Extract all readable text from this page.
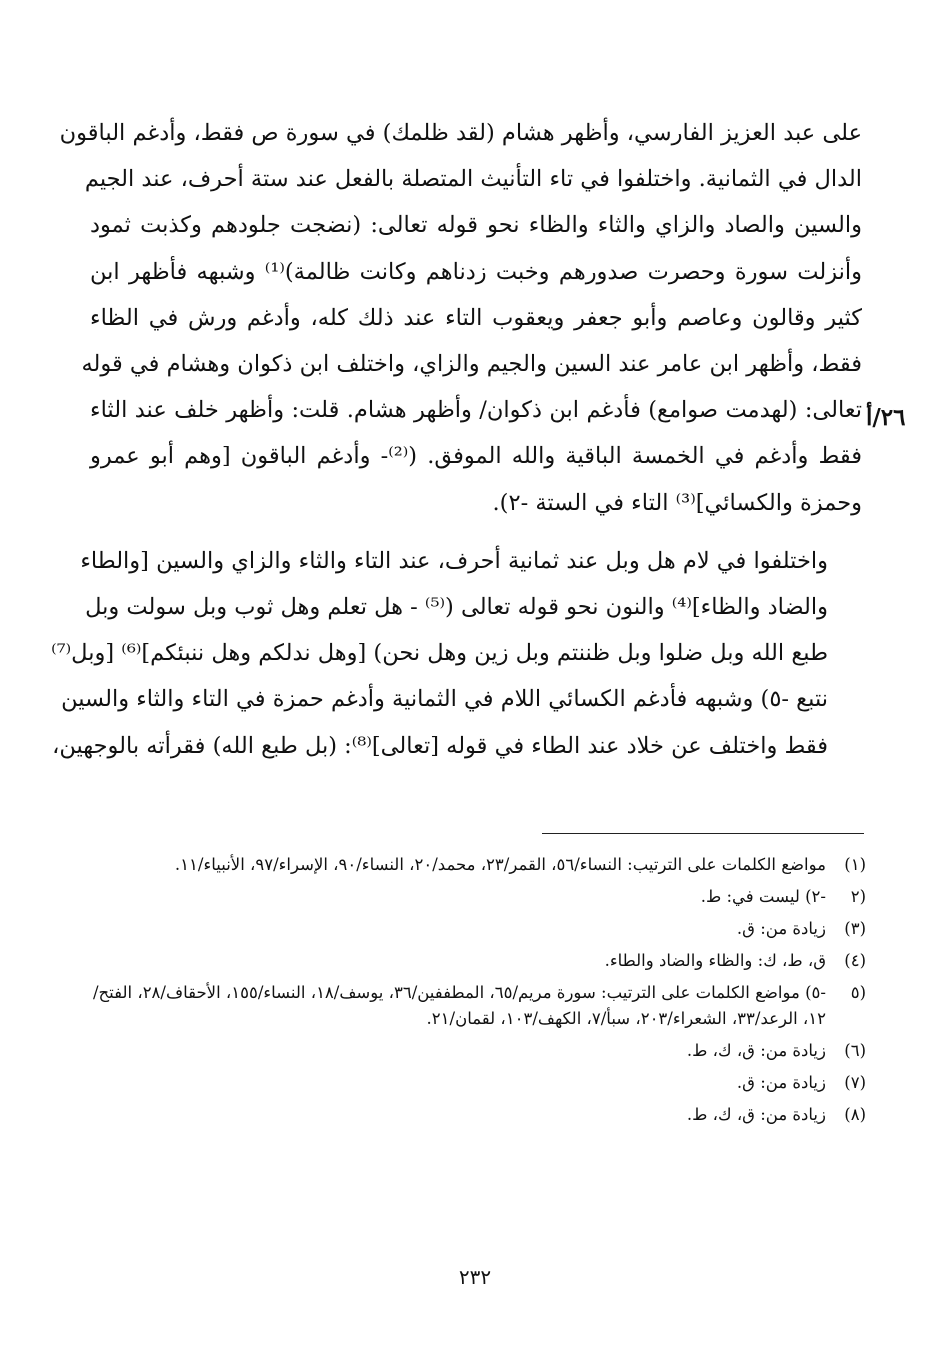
على عبد العزيز الفارسي، وأظهر هشام (لقد ظلمك) في سورة ص فقط، وأدغم الباقون
الدال في الثمانية. واختلفوا في تاء التأنيث المتصلة بالفعل عند ستة أحرف، عند الجيم
والسين والصاد والزاي والثاء والظاء نحو قوله تعالى: (نضجت جلودهم وكذبت ثمود
وأنزلت سورة وحصرت صدورهم وخبت زدناهم وكانت ظالمة)⁽¹⁾ وشبهه فأظهر ابن
كثير وقالون وعاصم وأبو جعفر ويعقوب التاء عند ذلك كله، وأدغم ورش في الظاء
فقط، وأظهر ابن عامر عند السين والجيم والزاي، واختلف ابن ذكوان وهشام في قوله
تعالى: (لهدمت صوامع) فأدغم ابن ذكوان/ وأظهر هشام. قلت: وأظهر خلف عند الثاء
فقط وأدغم في الخمسة الباقية والله الموفق. (⁽²⁾- وأدغم الباقون [وهم أبو عمرو
وحمزة والكسائي]⁽³⁾ التاء في الستة -٢).

واختلفوا في لام هل وبل عند ثمانية أحرف، عند التاء والثاء والزاي والسين [والطاء
والضاد والظاء]⁽⁴⁾ والنون نحو قوله تعالى (⁽⁵⁾ - هل تعلم وهل ثوب وبل سولت وبل
طبع الله وبل ضلوا وبل ظننتم وبل زين وهل نحن) [وهل ندلكم وهل ننبئكم]⁽⁶⁾ [وبل⁽⁷⁾
نتبع -٥) وشبهه فأدغم الكسائي اللام في الثمانية وأدغم حمزة في التاء والثاء والسين
فقط واختلف عن خلاد عند الطاء في قوله [تعالى]⁽⁸⁾: (بل طبع الله) فقرأته بالوجهين،

٢٦/أ
(١)
مواضع الكلمات على الترتيب: النساء/٥٦، القمر/٢٣، محمد/٢٠، النساء/٩٠، الإسراء/٩٧، الأنبياء/١١.
(٢
-٢) ليست في: ط.
(٣)
زيادة من: ق.
(٤)
ق، ط، ك: والظاء والضاد والطاء.
(٥
-٥) مواضع الكلمات على الترتيب: سورة مريم/٦٥، المطففين/٣٦، يوسف/١٨، النساء/١٥٥، الأحقاف/٢٨، الفتح/١٢، الرعد/٣٣، الشعراء/٢٠٣، سبأ/٧، الكهف/١٠٣، لقمان/٢١.
(٦)
زيادة من: ق، ك، ط.
(٧)
زيادة من: ق.
(٨)
زيادة من: ق، ك، ط.
٢٣٢
